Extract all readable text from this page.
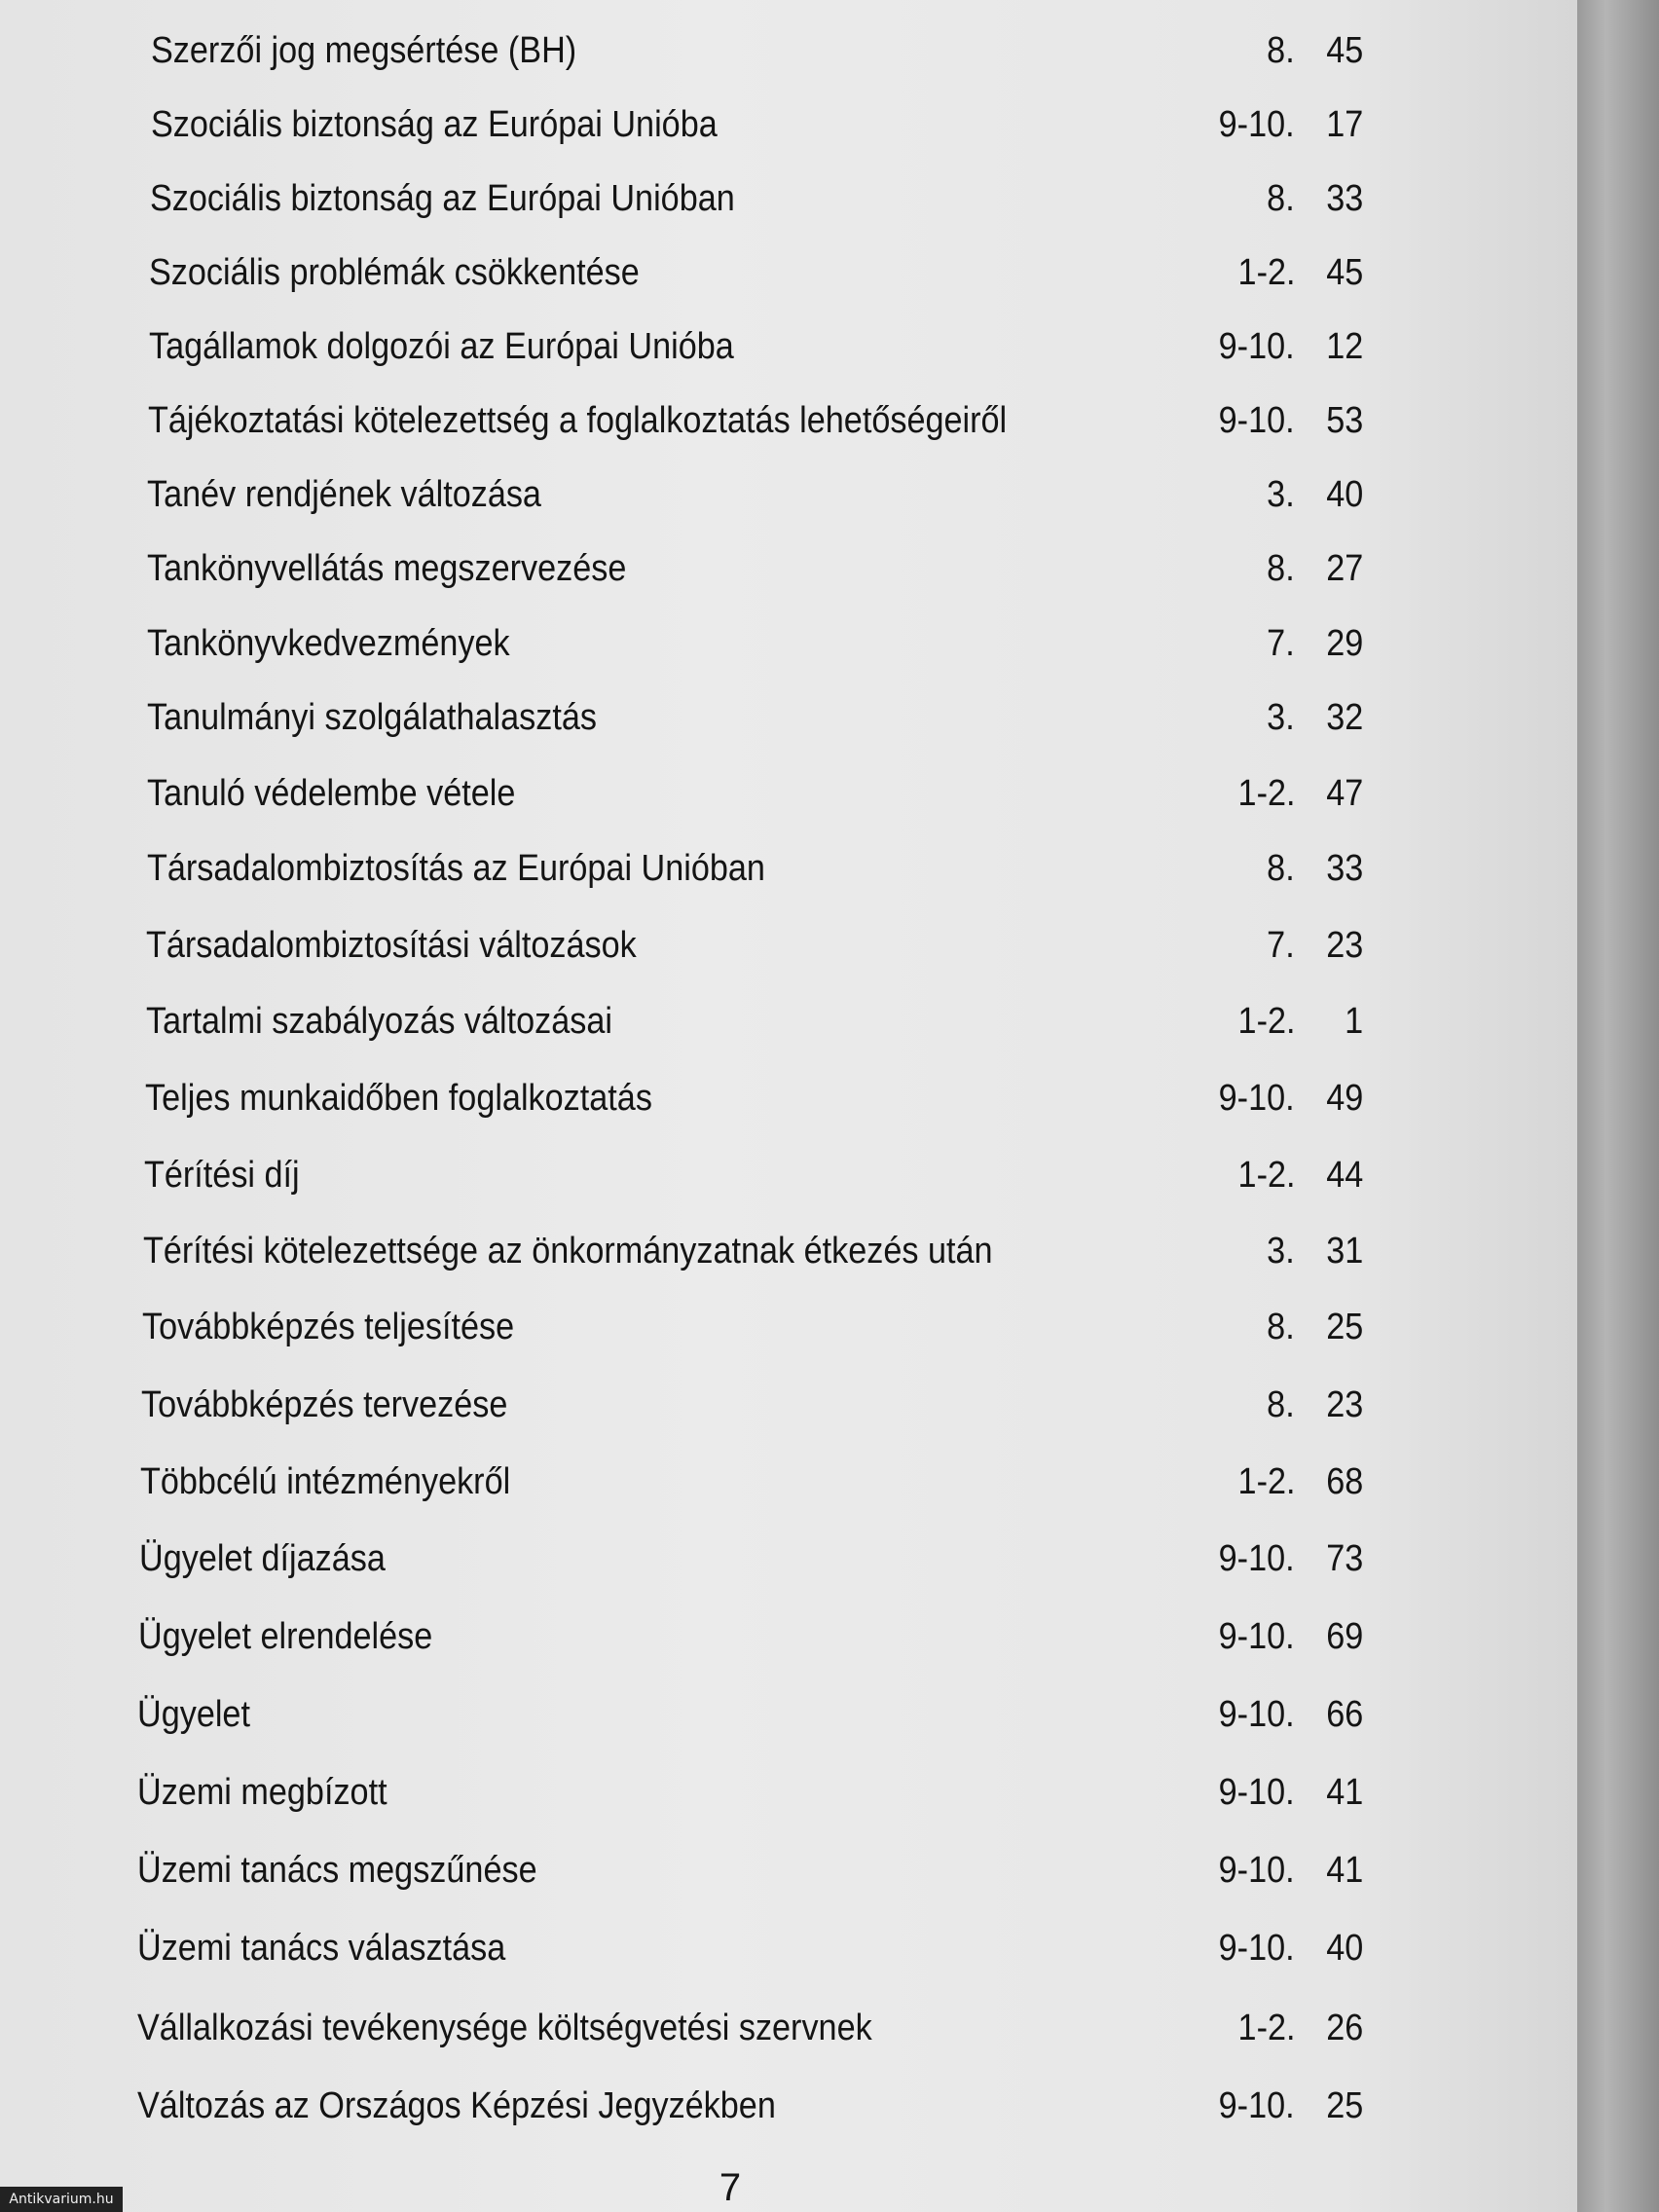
Szerzői jog megsértése (BH)	8. 45
Szociális biztonság az Európai Unióba	9-10. 17
Szociális biztonság az Európai Unióban	8. 33
Szociális problémák csökkentése	1-2. 45
Tagállamok dolgozói az Európai Unióba	9-10. 12
Tájékoztatási kötelezettség a foglalkoztatás lehetőségeiről	9-10. 53
Tanév rendjének változása	3. 40
Tankönyvellátás megszervezése	8. 27
Tankönyvkedvezmények	7. 29
Tanulmányi szolgálathalasztás	3. 32
Tanuló védelembe vétele	1-2. 47
Társadalombiztosítás az Európai Unióban	8. 33
Társadalombiztosítási változások	7. 23
Tartalmi szabályozás változásai	1-2. 1
Teljes munkaidőben foglalkoztatás	9-10. 49
Térítési díj	1-2. 44
Térítési kötelezettsége az önkormányzatnak étkezés után	3. 31
Továbbképzés teljesítése	8. 25
Továbbképzés tervezése	8. 23
Többcélú intézményekről	1-2. 68
Ügyelet díjazása	9-10. 73
Ügyelet elrendelése	9-10. 69
Ügyelet	9-10. 66
Üzemi megbízott	9-10. 41
Üzemi tanács megszűnése	9-10. 41
Üzemi tanács választása	9-10. 40
Vállalkozási tevékenysége költségvetési szervnek	1-2. 26
Változás az Országos Képzési Jegyzékben	9-10. 25
7
Antikvarium.hu
